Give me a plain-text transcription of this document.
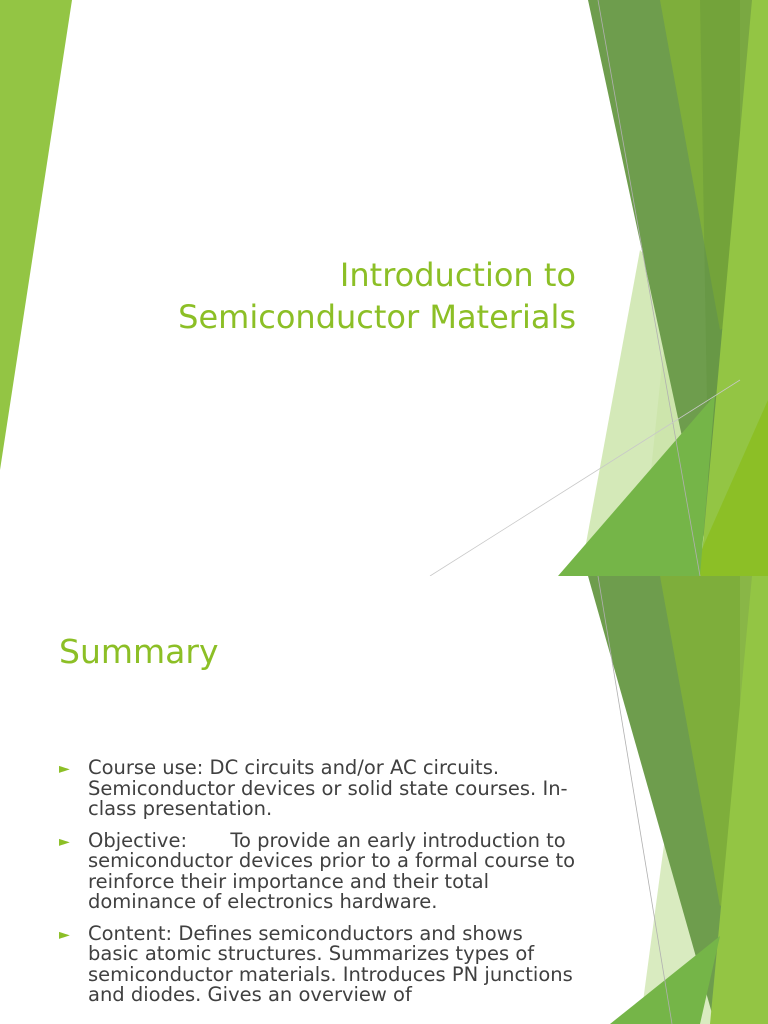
Introduction to
Semiconductor Materials
Summary
► Course use: DC circuits and/or AC circuits. Semiconductor devices or solid state courses. In-class presentation.
► Objective:       To provide an early introduction to semiconductor devices prior to a formal course to reinforce their importance and their total dominance of electronics hardware.
► Content: Defines semiconductors and shows basic atomic structures. Summarizes types of semiconductor materials. Introduces PN junctions and diodes. Gives an overview of
